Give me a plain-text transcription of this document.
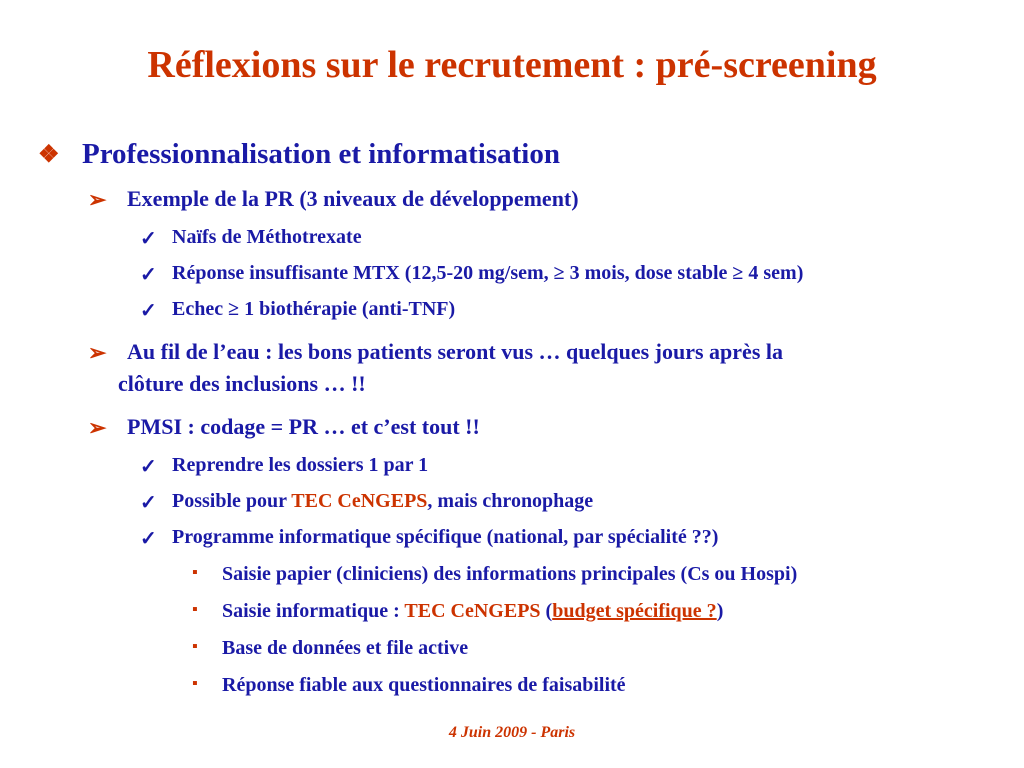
Réflexions sur le recrutement : pré-screening
❖ Professionnalisation et informatisation
➢ Exemple de la PR (3 niveaux de développement)
✓ Naïfs de Méthotrexate
✓ Réponse insuffisante MTX (12,5-20 mg/sem, ≥ 3 mois, dose stable ≥ 4 sem)
✓ Echec ≥ 1 biothérapie (anti-TNF)
➢ Au fil de l’eau : les bons patients seront vus … quelques jours après la
clôture des inclusions … !!
➢ PMSI : codage = PR … et c’est tout !!
✓ Reprendre les dossiers 1 par 1
✓ Possible pour TEC CeNGEPS, mais chronophage
✓ Programme informatique spécifique (national, par spécialité ??)
▪ Saisie papier (cliniciens) des informations principales (Cs ou Hospi)
▪ Saisie informatique : TEC CeNGEPS (budget spécifique ?)
▪ Base de données et file active
▪ Réponse fiable aux questionnaires de faisabilité
4 Juin 2009 - Paris
